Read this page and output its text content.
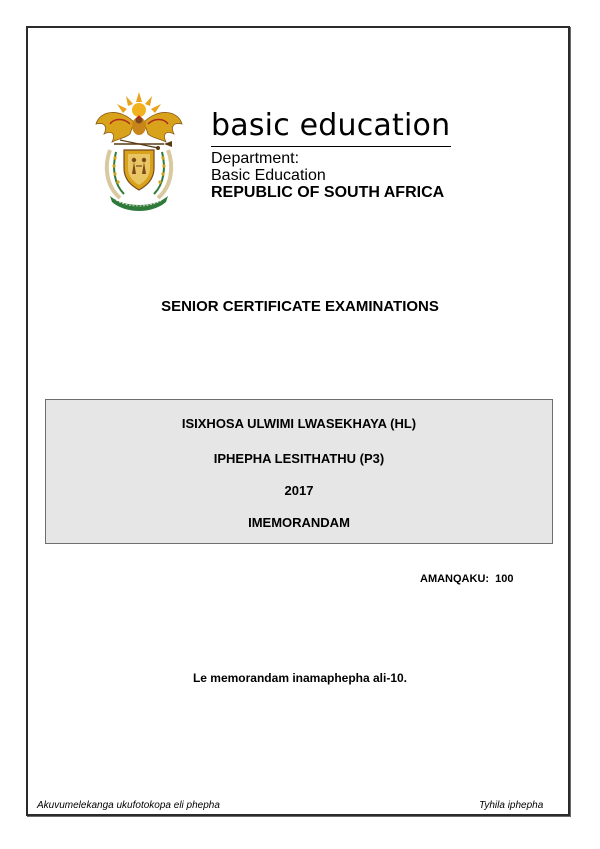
basic education
Department:
Basic Education
REPUBLIC OF SOUTH AFRICA
SENIOR CERTIFICATE EXAMINATIONS
ISIXHOSA ULWIMI LWASEKHAYA (HL)
IPHEPHA LESITHATHU (P3)
2017
IMEMORANDAM
AMANQAKU: 100
Le memorandam inamaphepha ali-10.
Akuvumelekanga ukufotokopa eli phepha	Tyhila iphepha
